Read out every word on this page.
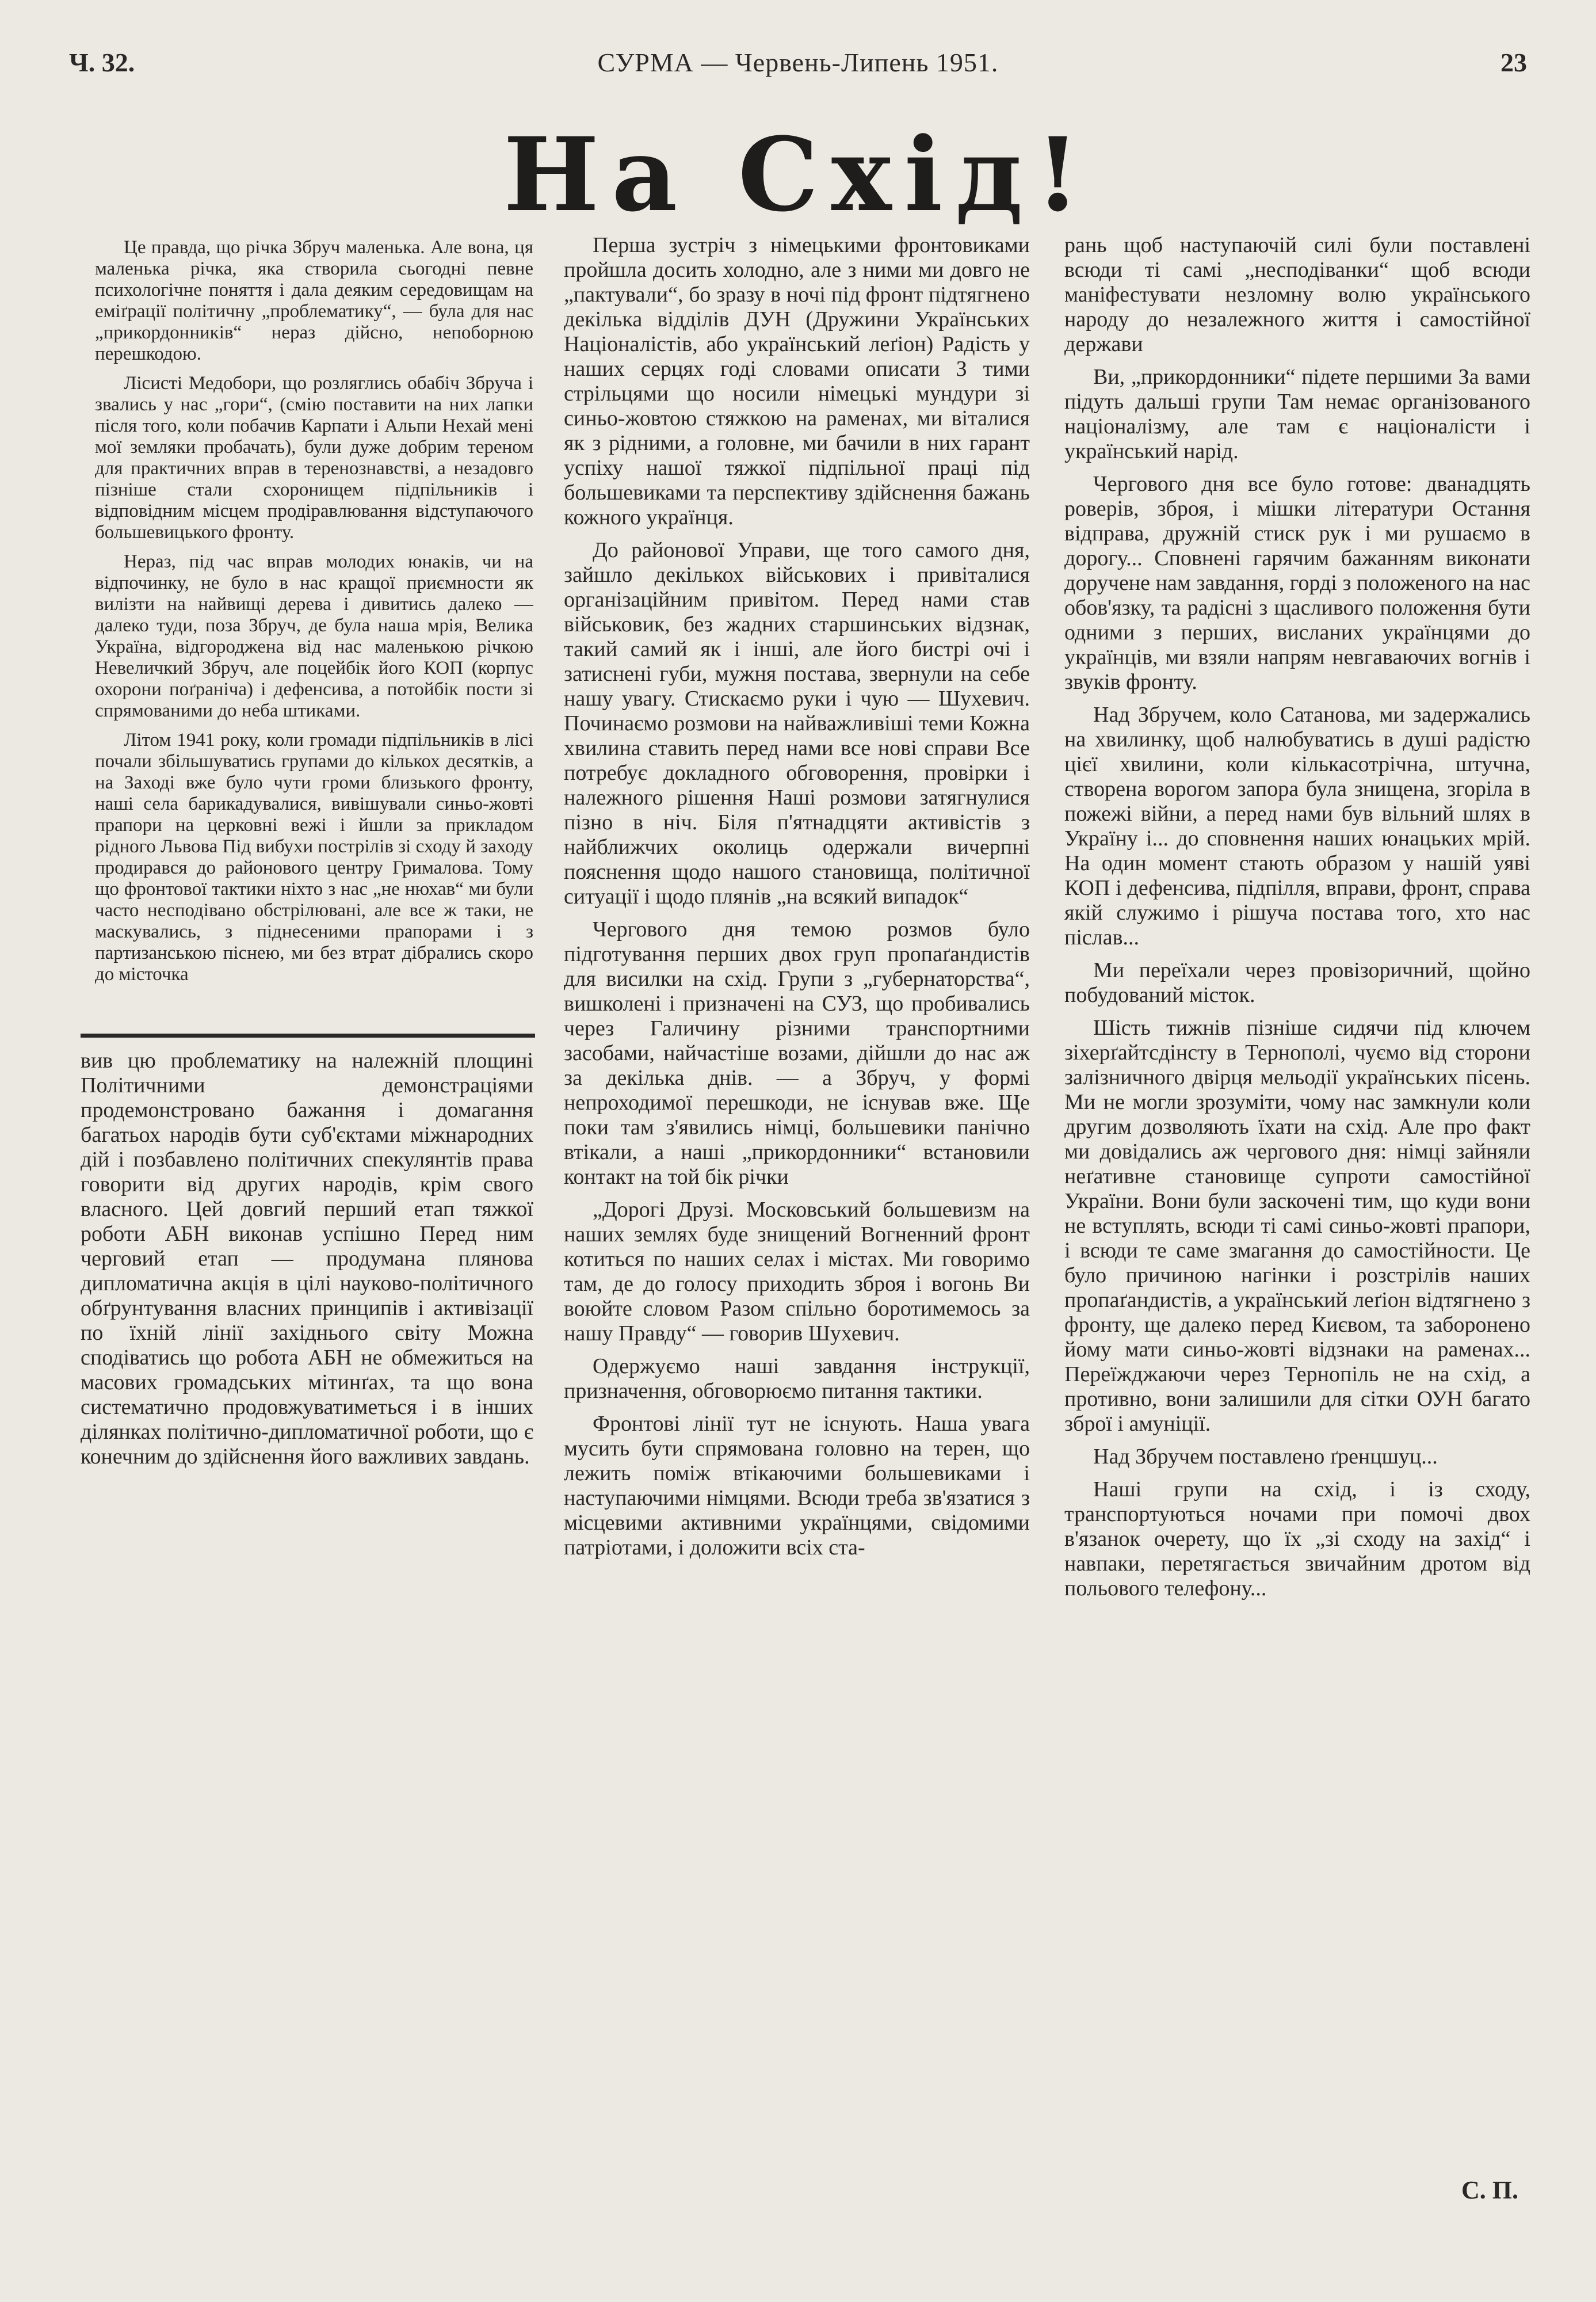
Ч. 32.	СУРМА — Червень-Липень 1951.	23
На Схід!

Це правда, що річка Збруч маленька. Але вона, ця маленька річка, яка створила сьогодні певне психологічне поняття і дала деяким середовищам на еміґрації політичну „проблематику“, — була для нас „прикордонників“ нераз дійсно, непоборною перешкодою.

Лісисті Медобори, що розляглись обабіч Збруча і звались у нас „гори“, (смію поставити на них лапки після того, коли побачив Карпати і Альпи Нехай мені мої земляки пробачать), були дуже добрим тереном для практичних вправ в теренознавстві, а незадовго пізніше стали схоронищем підпільників і відповідним місцем продіравлювання відступаючого большевицького фронту.

Нераз, під час вправ молодих юнаків, чи на відпочинку, не було в нас кращої приємности як вилізти на найвищі дерева і дивитись далеко — далеко туди, поза Збруч, де була наша мрія, Велика Україна, відгороджена від нас маленькою річкою Невеличкий Збруч, але поцейбік його КОП (корпус охорони поґраніча) і дефенсива, а потойбік пости зі спрямованими до неба штиками.

Літом 1941 року, коли громади підпільників в лісі почали збільшуватись групами до кількох десятків, а на Заході вже було чути громи близького фронту, наші села барикадувалися, вивішували синьо-жовті прапори на церковні вежі і йшли за прикладом рідного Львова Під вибухи пострілів зі сходу й заходу продирався до районового центру Грималова. Тому що фронтової тактики ніхто з нас „не нюхав“ ми були часто несподівано обстрілювані, але все ж таки, не маскувались, з піднесеними прапорами і з партизанською піснею, ми без втрат дібрались скоро до місточка

вив цю проблематику на належній площині Політичними демонстраціями продемонстровано бажання і домагання багатьох народів бути суб'єктами міжнародних дій і позбавлено політичних спекулянтів права говорити від других народів, крім свого власного. Цей довгий перший етап тяжкої роботи АБН виконав успішно Перед ним черговий етап — продумана плянова дипломатична акція в цілі науково-політичного обґрунтування власних принципів і активізації по їхній лінії західнього світу Можна сподіватись що робота АБН не обмежиться на масових громадських мітинґах, та що вона систематично продовжуватиметься і в інших ділянках політично-дипломатичної роботи, що є конечним до здійснення його важливих завдань.

Перша зустріч з німецькими фронтовиками пройшла досить холодно, але з ними ми довго не „пактували“, бо зразу в ночі під фронт підтягнено декілька відділів ДУН (Дружини Українських Націоналістів, або український леґіон) Радість у наших серцях годі словами описати З тими стрільцями що носили німецькі мундури зі синьо-жовтою стяжкою на раменах, ми віталися як з рідними, а головне, ми бачили в них гарант успіху нашої тяжкої підпільної праці під большевиками та перспективу здійснення бажань кожного українця.

До районової Управи, ще того самого дня, зайшло декількох військових і привіталися організаційним привітом. Перед нами став військовик, без жадних старшинських відзнак, такий самий як і інші, але його бистрі очі і затиснені губи, мужня постава, звернули на себе нашу увагу. Стискаємо руки і чую — Шухевич. Починаємо розмови на найважливіші теми Кожна хвилина ставить перед нами все нові справи Все потребує докладного обговорення, провірки і належного рішення Наші розмови затягнулися пізно в ніч. Біля п'ятнадцяти активістів з найближчих околиць одержали вичерпні пояснення щодо нашого становища, політичної ситуації і щодо плянів „на всякий випадок“

Чергового дня темою розмов було підготування перших двох груп пропаґандистів для висилки на схід. Групи з „губернаторства“, вишколені і призначені на СУЗ, що пробивались через Галичину різними транспортними засобами, найчастіше возами, дійшли до нас аж за декілька днів. — а Збруч, у формі непроходимої перешкоди, не існував вже. Ще поки там з'явились німці, большевики панічно втікали, а наші „прикордонники“ встановили контакт на той бік річки

„Дорогі Друзі. Московський большевизм на наших землях буде знищений Вогненний фронт котиться по наших селах і містах. Ми говоримо там, де до голосу приходить зброя і вогонь Ви воюйте словом Разом спільно боротимемось за нашу Правду“ — говорив Шухевич.

Одержуємо наші завдання інструкції, призначення, обговорюємо питання тактики.

Фронтові лінії тут не існують. Наша увага мусить бути спрямована головно на терен, що лежить поміж втікаючими большевиками і наступаючими німцями. Всюди треба зв'язатися з місцевими активними українцями, свідомими патріотами, і доложити всіх ста-

рань щоб наступаючій силі були поставлені всюди ті самі „несподіванки“ щоб всюди маніфестувати незломну волю українського народу до незалежного життя і самостійної держави

Ви, „прикордонники“ підете першими За вами підуть дальші групи Там немає організованого націоналізму, але там є націоналісти і український нарід.

Чергового дня все було готове: дванадцять роверів, зброя, і мішки літератури Остання відправа, дружній стиск рук і ми рушаємо в дорогу... Сповнені гарячим бажанням виконати доручене нам завдання, горді з положеного на нас обов'язку, та радісні з щасливого положення бути одними з перших, висланих українцями до українців, ми взяли напрям невгаваючих вогнів і звуків фронту.

Над Збручем, коло Сатанова, ми задержались на хвилинку, щоб налюбуватись в душі радістю цієї хвилини, коли кількасотрічна, штучна, створена ворогом запора була знищена, згоріла в пожежі війни, а перед нами був вільний шлях в Україну і... до сповнення наших юнацьких мрій. На один момент стають образом у нашій уяві КОП і дефенсива, підпілля, вправи, фронт, справа якій служимо і рішуча постава того, хто нас післав...

Ми переїхали через провізоричний, щойно побудований місток.

Шість тижнів пізніше сидячи під ключем зіхерґайтсдінсту в Тернополі, чуємо від сторони залізничного двірця мельодії українських пісень. Ми не могли зрозуміти, чому нас замкнули коли другим дозволяють їхати на схід. Але про факт ми довідались аж чергового дня: німці зайняли неґативне становище супроти самостійної України. Вони були заскочені тим, що куди вони не вступлять, всюди ті самі синьо-жовті прапори, і всюди те саме змагання до самостійности. Це було причиною нагінки і розстрілів наших пропаґандистів, а український леґіон відтягнено з фронту, ще далеко перед Києвом, та заборонено йому мати синьо-жовті відзнаки на раменах... Переїжджаючи через Тернопіль не на схід, а противно, вони залишили для сітки ОУН багато зброї і амуніції.

Над Збручем поставлено ґренцшуц...

Наші групи на схід, і із сходу, транспортуються ночами при помочі двох в'язанок очерету, що їх „зі сходу на захід“ і навпаки, перетягається звичайним дротом від польового телефону...

С. П.
